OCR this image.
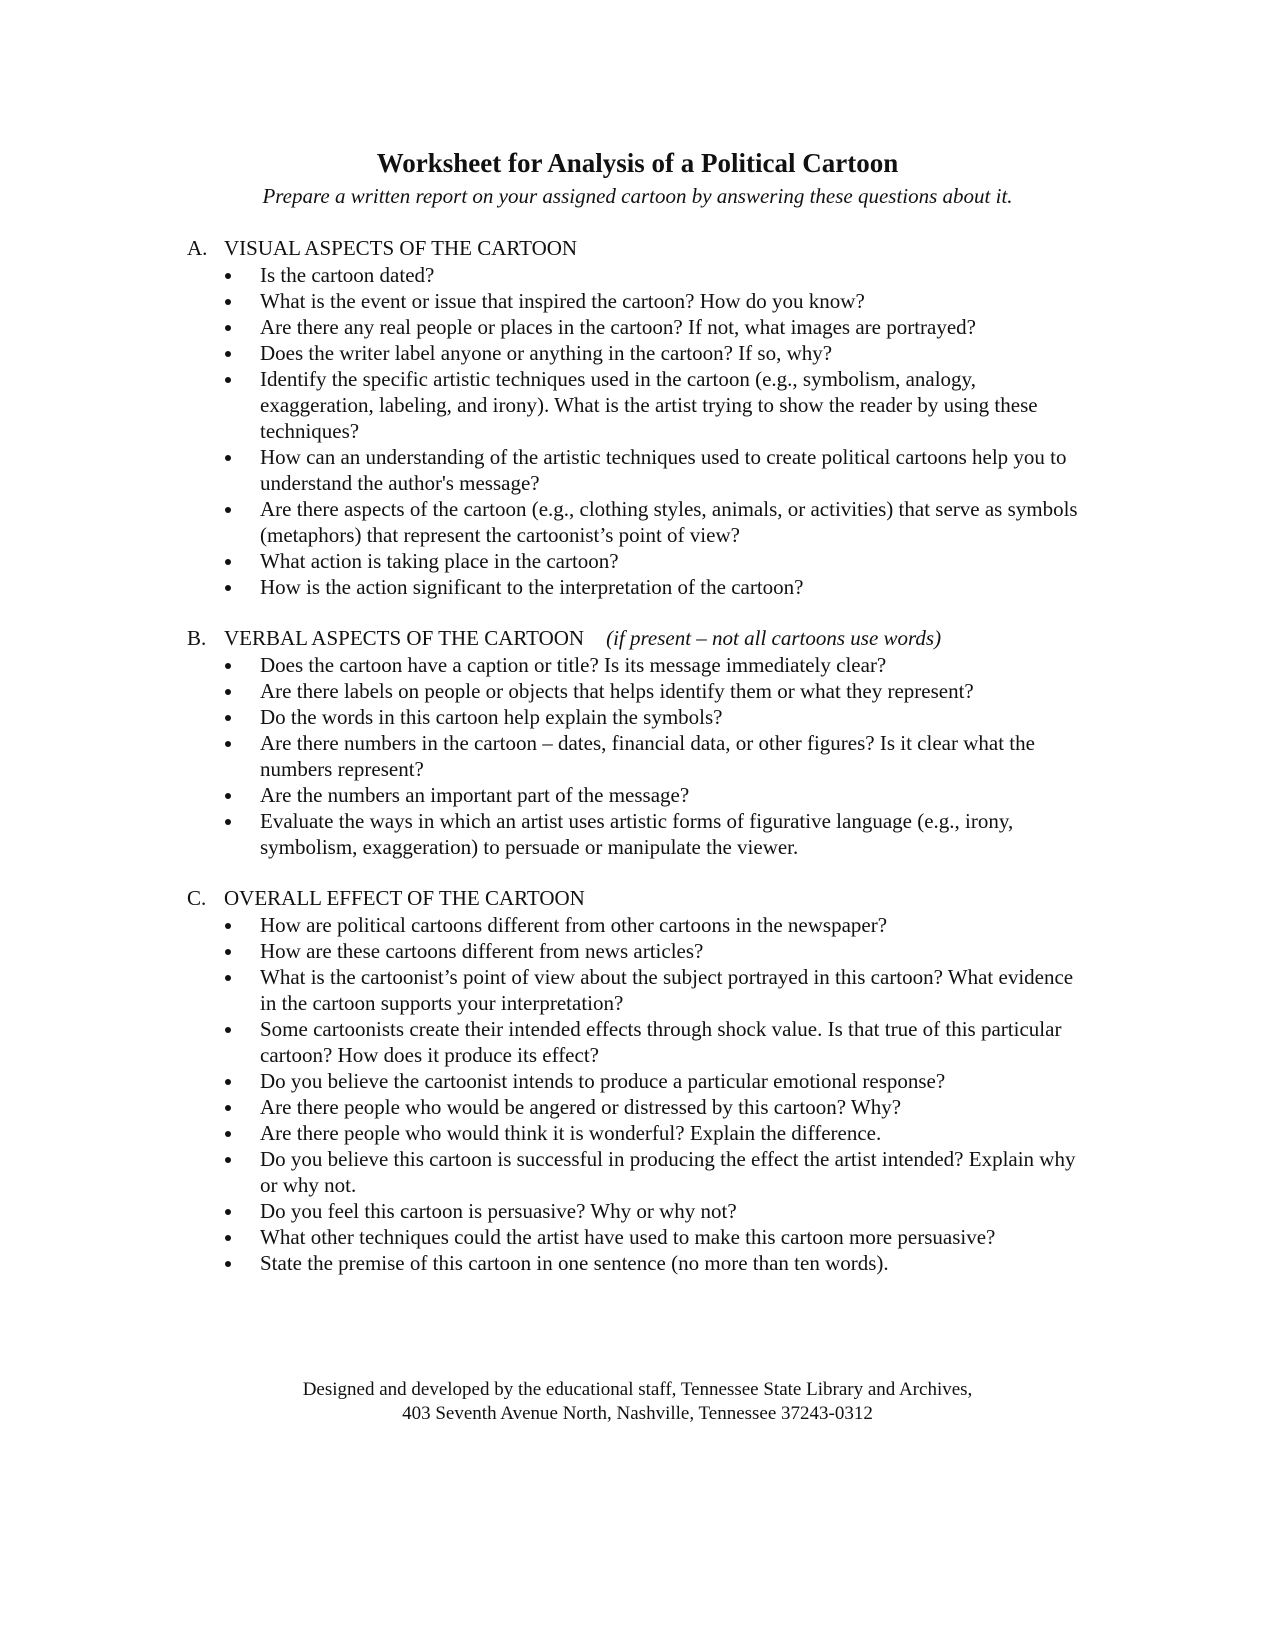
Worksheet for Analysis of a Political Cartoon
Prepare a written report on your assigned cartoon by answering these questions about it.
A. VISUAL ASPECTS OF THE CARTOON
Is the cartoon dated?
What is the event or issue that inspired the cartoon? How do you know?
Are there any real people or places in the cartoon? If not, what images are portrayed?
Does the writer label anyone or anything in the cartoon? If so, why?
Identify the specific artistic techniques used in the cartoon (e.g., symbolism, analogy, exaggeration, labeling, and irony). What is the artist trying to show the reader by using these techniques?
How can an understanding of the artistic techniques used to create political cartoons help you to understand the author's message?
Are there aspects of the cartoon (e.g., clothing styles, animals, or activities) that serve as symbols (metaphors) that represent the cartoonist’s point of view?
What action is taking place in the cartoon?
How is the action significant to the interpretation of the cartoon?
B. VERBAL ASPECTS OF THE CARTOON (if present – not all cartoons use words)
Does the cartoon have a caption or title? Is its message immediately clear?
Are there labels on people or objects that helps identify them or what they represent?
Do the words in this cartoon help explain the symbols?
Are there numbers in the cartoon – dates, financial data, or other figures? Is it clear what the numbers represent?
Are the numbers an important part of the message?
Evaluate the ways in which an artist uses artistic forms of figurative language (e.g., irony, symbolism, exaggeration) to persuade or manipulate the viewer.
C. OVERALL EFFECT OF THE CARTOON
How are political cartoons different from other cartoons in the newspaper?
How are these cartoons different from news articles?
What is the cartoonist’s point of view about the subject portrayed in this cartoon? What evidence in the cartoon supports your interpretation?
Some cartoonists create their intended effects through shock value. Is that true of this particular cartoon? How does it produce its effect?
Do you believe the cartoonist intends to produce a particular emotional response?
Are there people who would be angered or distressed by this cartoon? Why?
Are there people who would think it is wonderful? Explain the difference.
Do you believe this cartoon is successful in producing the effect the artist intended? Explain why or why not.
Do you feel this cartoon is persuasive? Why or why not?
What other techniques could the artist have used to make this cartoon more persuasive?
State the premise of this cartoon in one sentence (no more than ten words).
Designed and developed by the educational staff, Tennessee State Library and Archives,
403 Seventh Avenue North, Nashville, Tennessee 37243-0312
